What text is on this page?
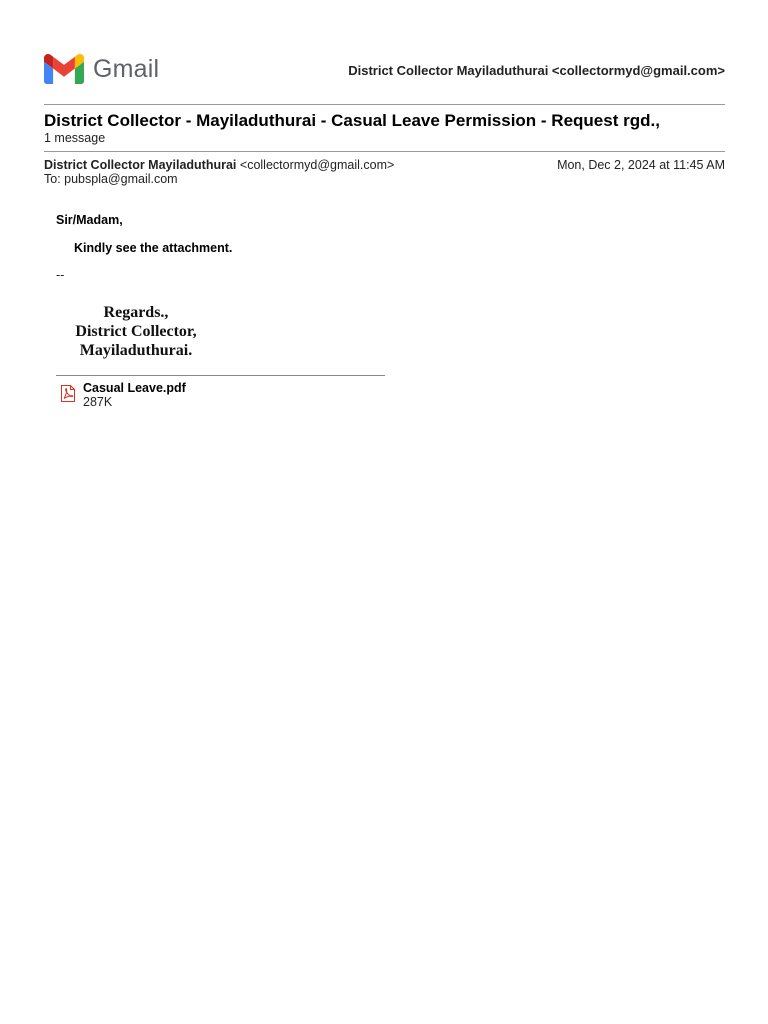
Gmail	District Collector Mayiladuthurai <collectormyd@gmail.com>
District Collector - Mayiladuthurai - Casual Leave Permission - Request rgd.,
1 message
District Collector Mayiladuthurai <collectormyd@gmail.com>	Mon, Dec 2, 2024 at 11:45 AM
To: pubspla@gmail.com
Sir/Madam,
Kindly see the attachment.
--
Regards.,
District Collector,
Mayiladuthurai.
Casual Leave.pdf
287K
